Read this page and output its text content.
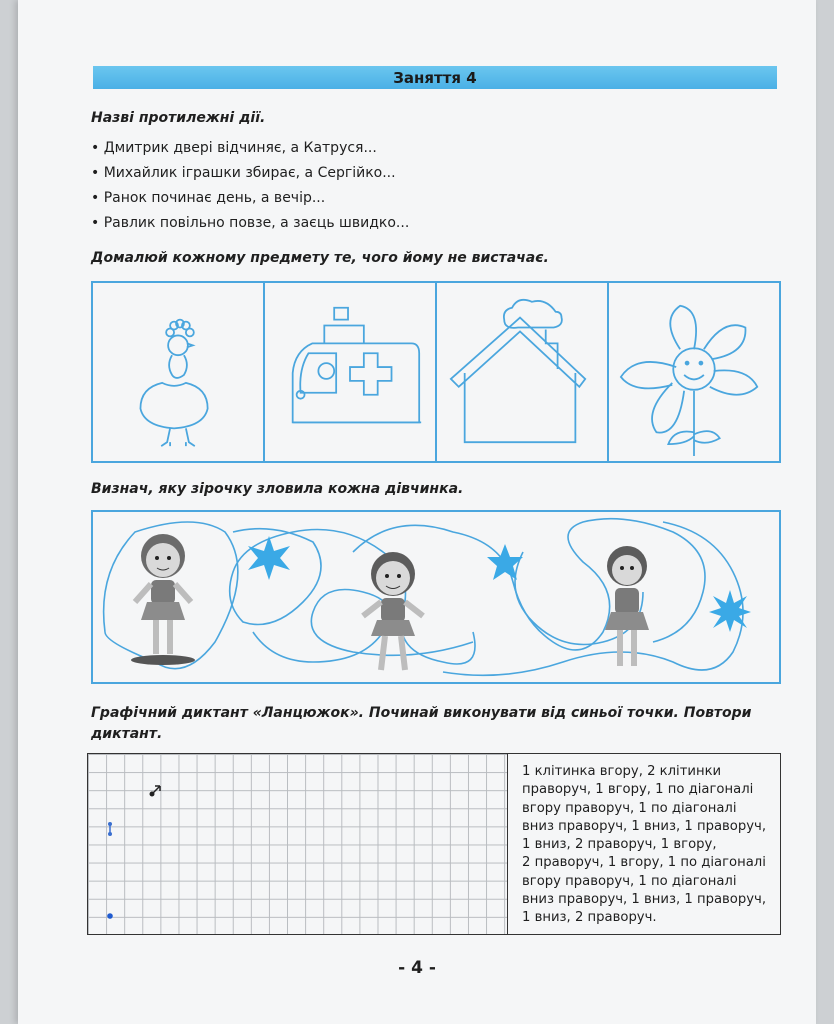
Заняття 4
Назві протилежні дії.
• Дмитрик двері відчиняє, а Катруся...
• Михайлик іграшки збирає, а Сергійко...
• Ранок починає день, а вечір...
• Равлик повільно повзе, а заєць швидко...
Домалюй кожному предмету те, чого йому не вистачає.
Визнач, яку зірочку зловила кожна дівчинка.
Графічний диктант «Ланцюжок». Починай виконувати від синьої точки. Повтори
диктант.
1 клітинка вгору, 2 клітинки
праворуч, 1 вгору, 1 по діагоналі
вгору праворуч, 1 по діагоналі
вниз праворуч, 1 вниз, 1 праворуч,
1 вниз, 2 праворуч, 1 вгору,
2 праворуч, 1 вгору, 1 по діагоналі
вгору праворуч, 1 по діагоналі
вниз праворуч, 1 вниз, 1 праворуч,
1 вниз, 2 праворуч.
- 4 -
